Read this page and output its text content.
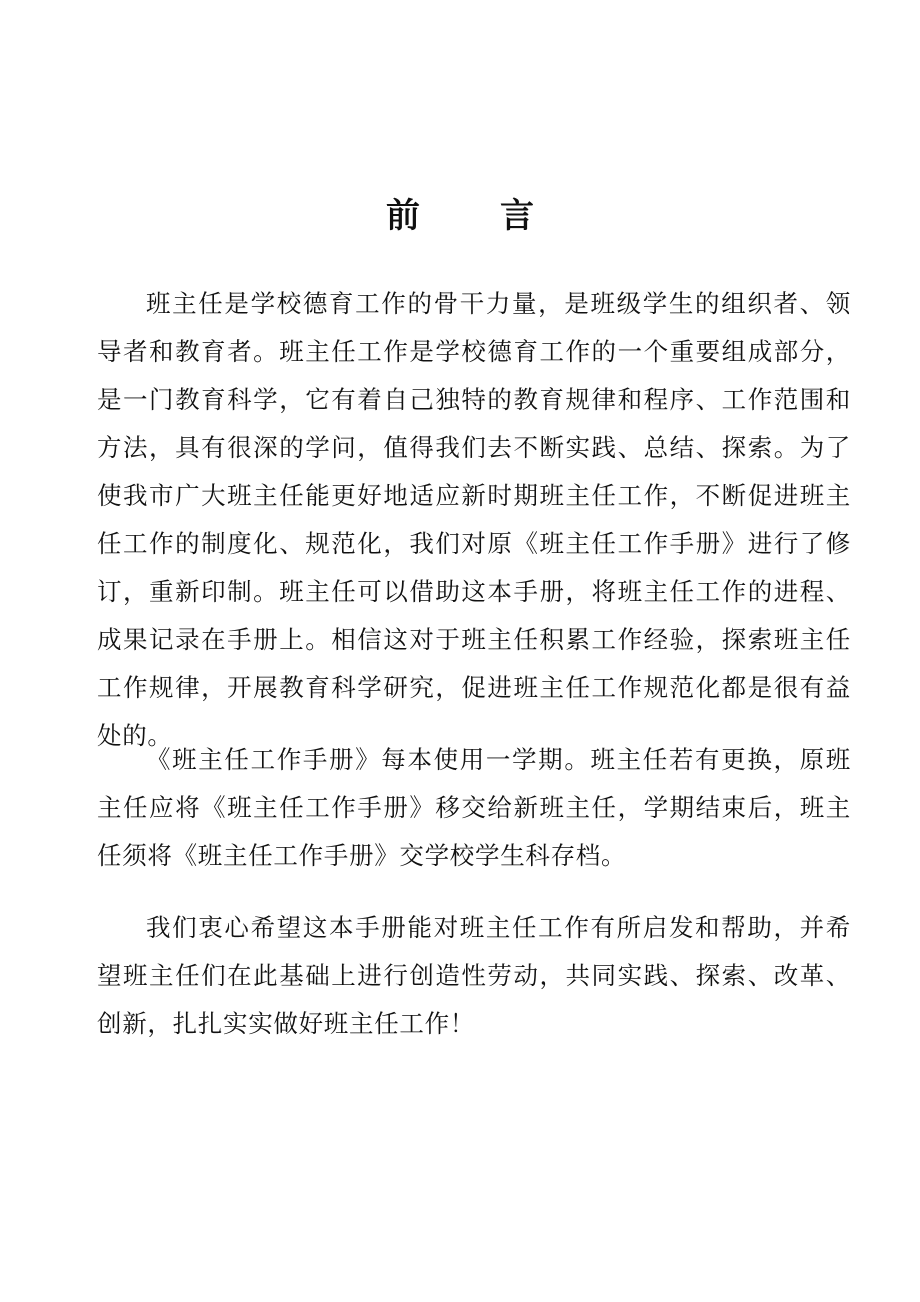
前 言

班主任是学校德育工作的骨干力量，是班级学生的组织者、领导者和教育者。班主任工作是学校德育工作的一个重要组成部分，是一门教育科学，它有着自己独特的教育规律和程序、工作范围和方法，具有很深的学问，值得我们去不断实践、总结、探索。为了使我市广大班主任能更好地适应新时期班主任工作，不断促进班主任工作的制度化、规范化，我们对原《班主任工作手册》进行了修订，重新印制。班主任可以借助这本手册，将班主任工作的进程、成果记录在手册上。相信这对于班主任积累工作经验，探索班主任工作规律，开展教育科学研究，促进班主任工作规范化都是很有益处的。

《班主任工作手册》每本使用一学期。班主任若有更换，原班主任应将《班主任工作手册》移交给新班主任，学期结束后，班主任须将《班主任工作手册》交学校学生科存档。

我们衷心希望这本手册能对班主任工作有所启发和帮助，并希望班主任们在此基础上进行创造性劳动，共同实践、探索、改革、创新，扎扎实实做好班主任工作！
